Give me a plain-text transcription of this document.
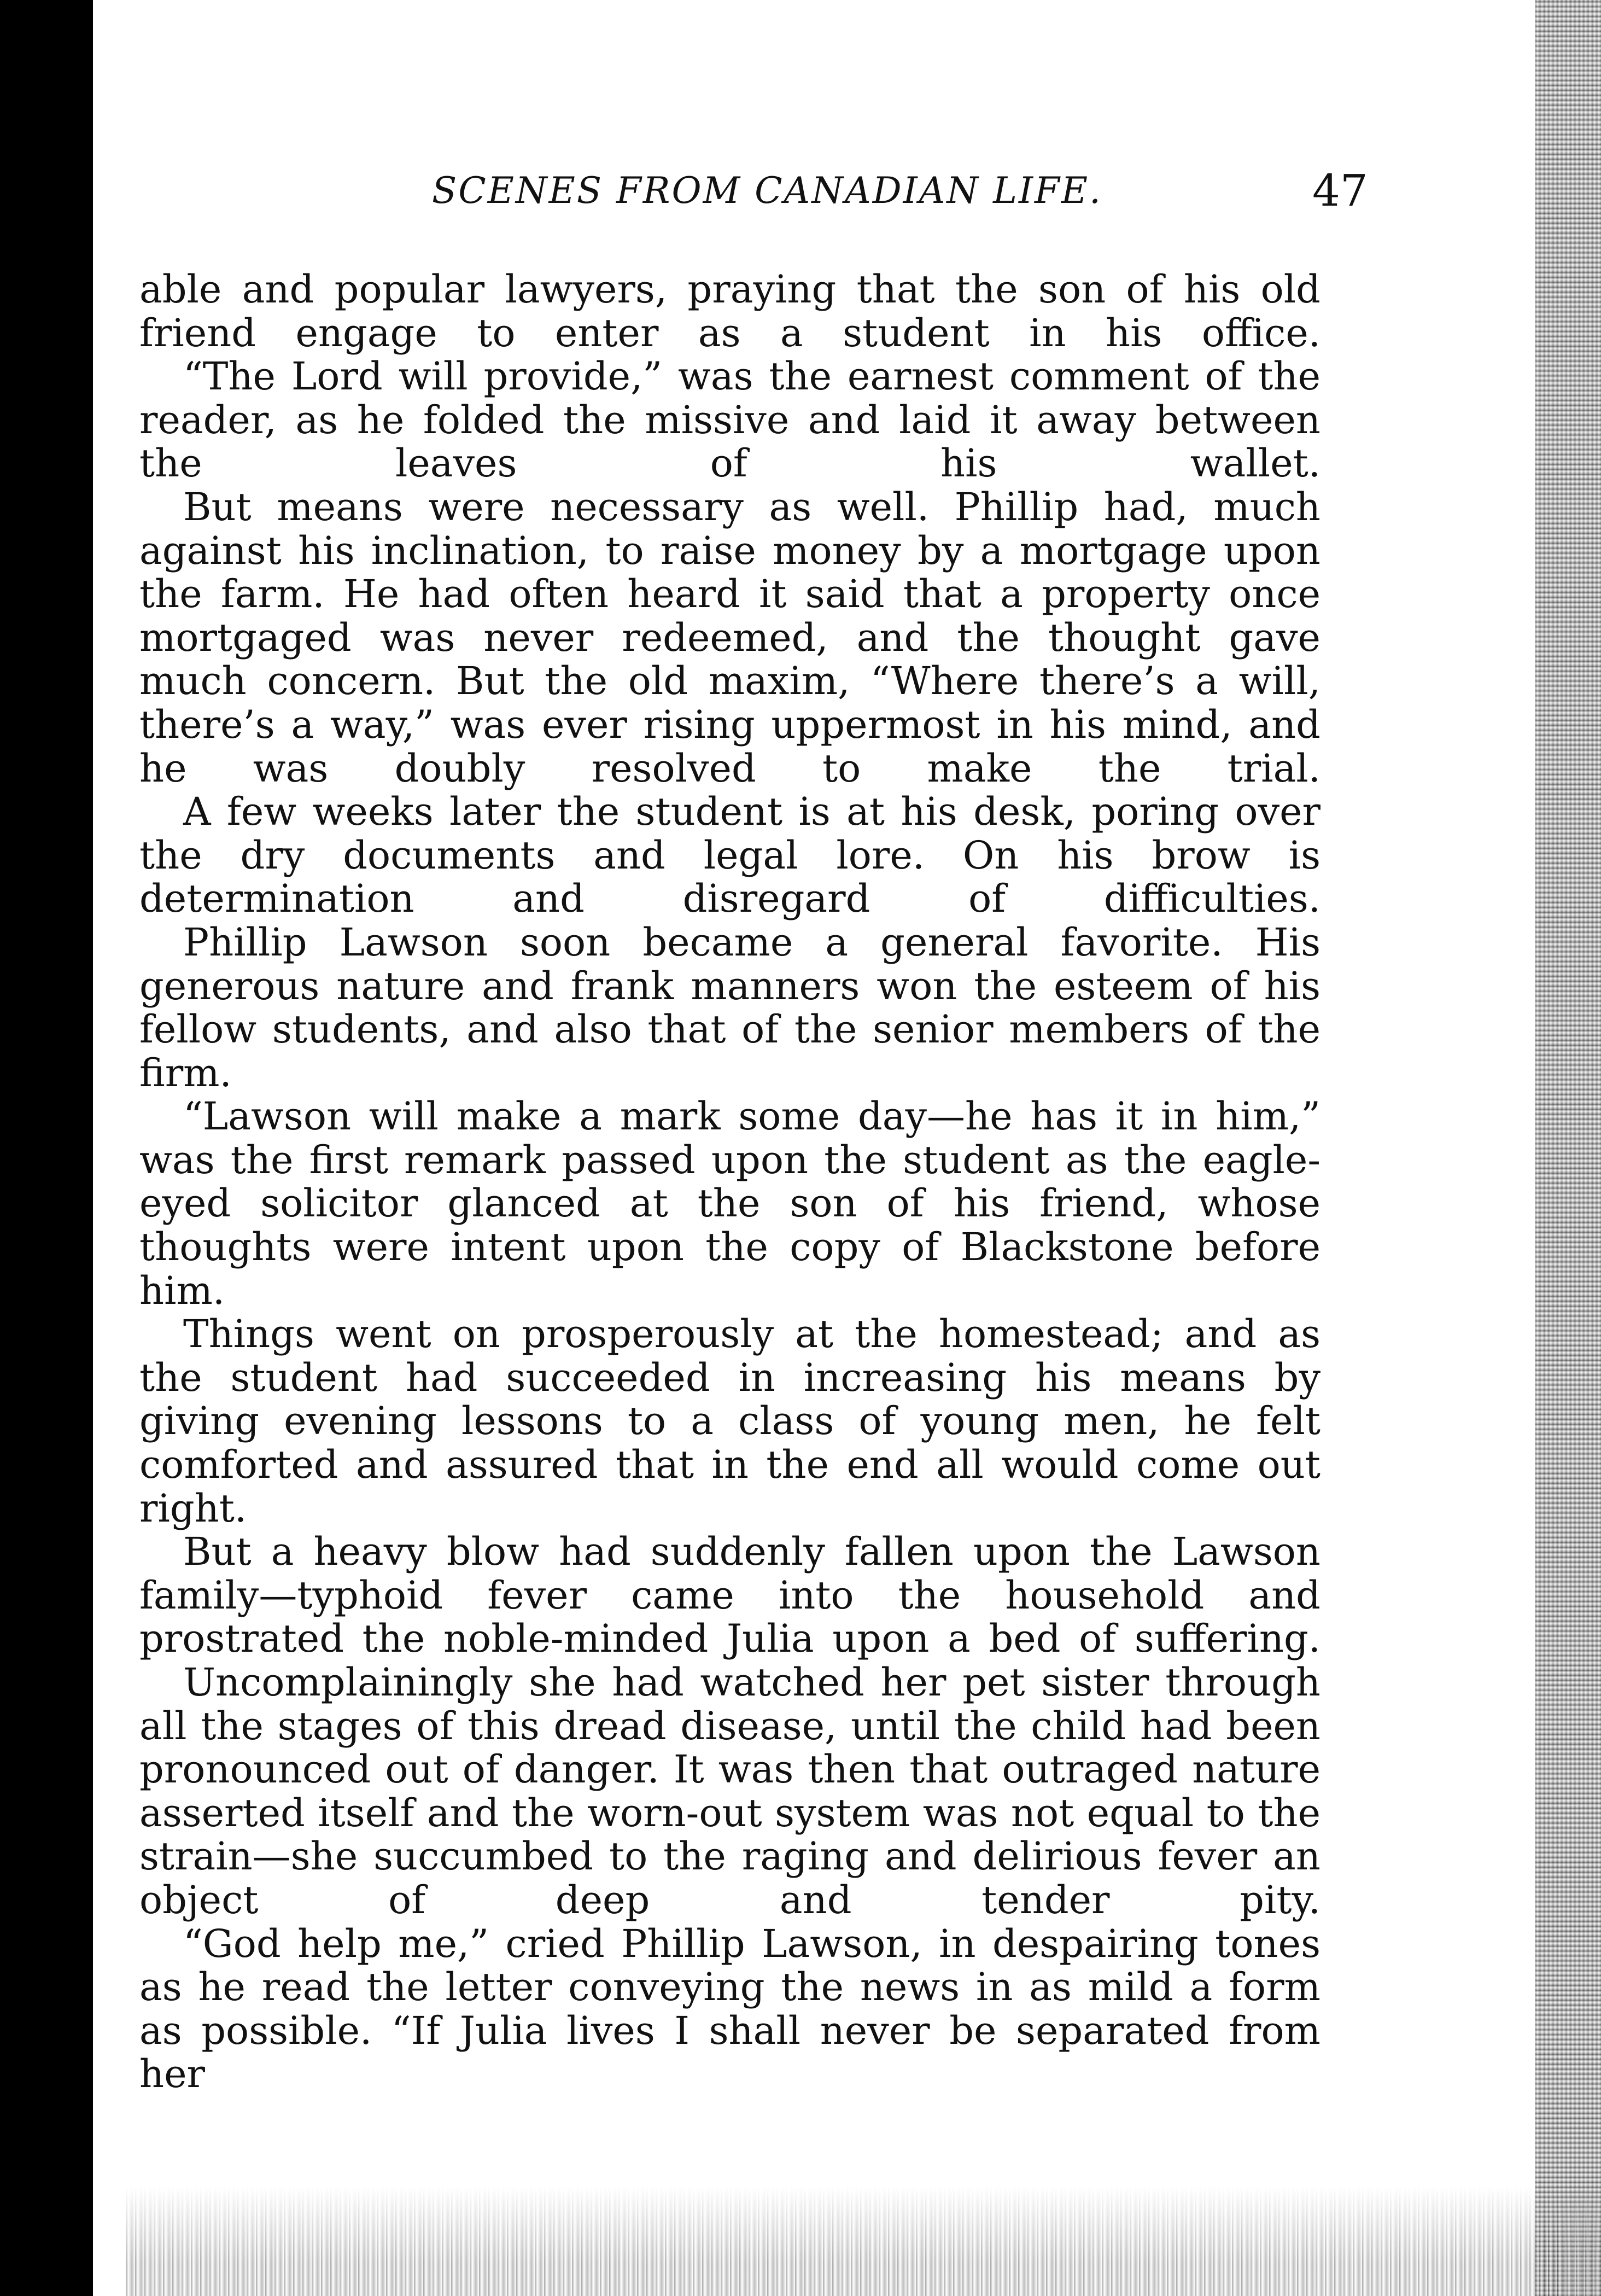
SCENES FROM CANADIAN LIFE.	47

able and popular lawyers, praying that the son of his old friend engage to enter as a student in his office.

“The Lord will provide,” was the earnest comment of the reader, as he folded the missive and laid it away between the leaves of his wallet.

But means were necessary as well. Phillip had, much against his inclination, to raise money by a mortgage upon the farm. He had often heard it said that a property once mortgaged was never redeemed, and the thought gave much concern. But the old maxim, “Where there’s a will, there’s a way,” was ever rising uppermost in his mind, and he was doubly resolved to make the trial.

A few weeks later the student is at his desk, poring over the dry documents and legal lore. On his brow is determination and disregard of difficulties.

Phillip Lawson soon became a general favorite. His generous nature and frank manners won the esteem of his fellow students, and also that of the senior members of the firm.

“Lawson will make a mark some day—he has it in him,” was the first remark passed upon the student as the eagle-eyed solicitor glanced at the son of his friend, whose thoughts were intent upon the copy of Blackstone before him.

Things went on prosperously at the homestead; and as the student had succeeded in increasing his means by giving evening lessons to a class of young men, he felt comforted and assured that in the end all would come out right.

But a heavy blow had suddenly fallen upon the Lawson family—typhoid fever came into the household and prostrated the noble-minded Julia upon a bed of suffering.

Uncomplainingly she had watched her pet sister through all the stages of this dread disease, until the child had been pronounced out of danger. It was then that outraged nature asserted itself and the worn-out system was not equal to the strain—she succumbed to the raging and delirious fever an object of deep and tender pity.

“God help me,” cried Phillip Lawson, in despairing tones as he read the letter conveying the news in as mild a form as possible. “If Julia lives I shall never be separated from her
